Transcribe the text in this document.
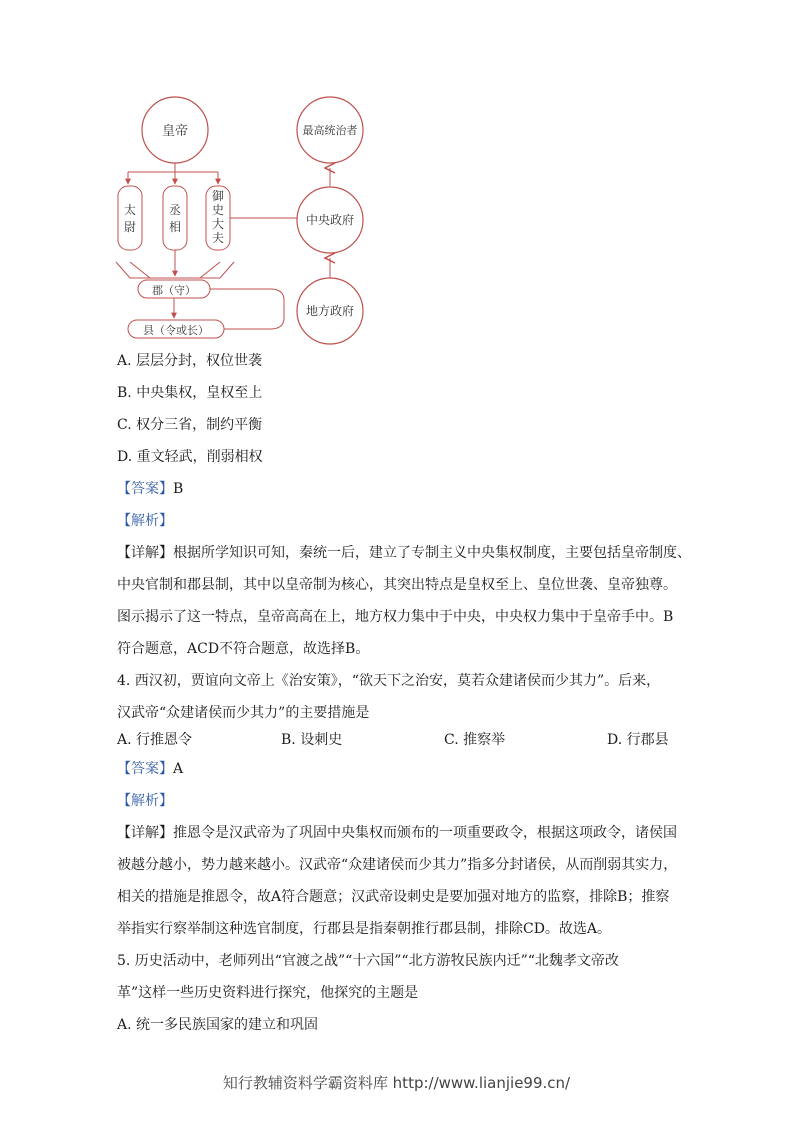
皇帝	最高统治者
太
尉
丞
相
御
史
大
夫
中央政府
郡（守）
县（令或长）
地方政府
A. 层层分封，权位世袭
B. 中央集权，皇权至上
C. 权分三省，制约平衡
D. 重文轻武，削弱相权
【答案】B
【解析】

【详解】根据所学知识可知，秦统一后，建立了专制主义中央集权制度，主要包括皇帝制度、

中央官制和郡县制，其中以皇帝制为核心，其突出特点是皇权至上、皇位世袭、皇帝独尊。

图示揭示了这一特点，皇帝高高在上，地方权力集中于中央，中央权力集中于皇帝手中。B

符合题意，ACD不符合题意，故选择B。

4. 西汉初，贾谊向文帝上《治安策》，“欲天下之治安，莫若众建诸侯而少其力”。后来，

汉武帝“众建诸侯而少其力”的主要措施是

A. 行推恩令	B. 设刺史	C. 推察举	D. 行郡县
【答案】A
【解析】

【详解】推恩令是汉武帝为了巩固中央集权而颁布的一项重要政令，根据这项政令，诸侯国

被越分越小，势力越来越小。汉武帝“众建诸侯而少其力”指多分封诸侯，从而削弱其实力，

相关的措施是推恩令，故A符合题意；汉武帝设刺史是要加强对地方的监察，排除B；推察

举指实行察举制这种选官制度，行郡县是指秦朝推行郡县制，排除CD。故选A。

5. 历史活动中，老师列出“官渡之战”“十六国”“北方游牧民族内迁”“北魏孝文帝改

革”这样一些历史资料进行探究，他探究的主题是

A. 统一多民族国家的建立和巩固

知行教辅资料学霸资料库 http://www.lianjie99.cn/
